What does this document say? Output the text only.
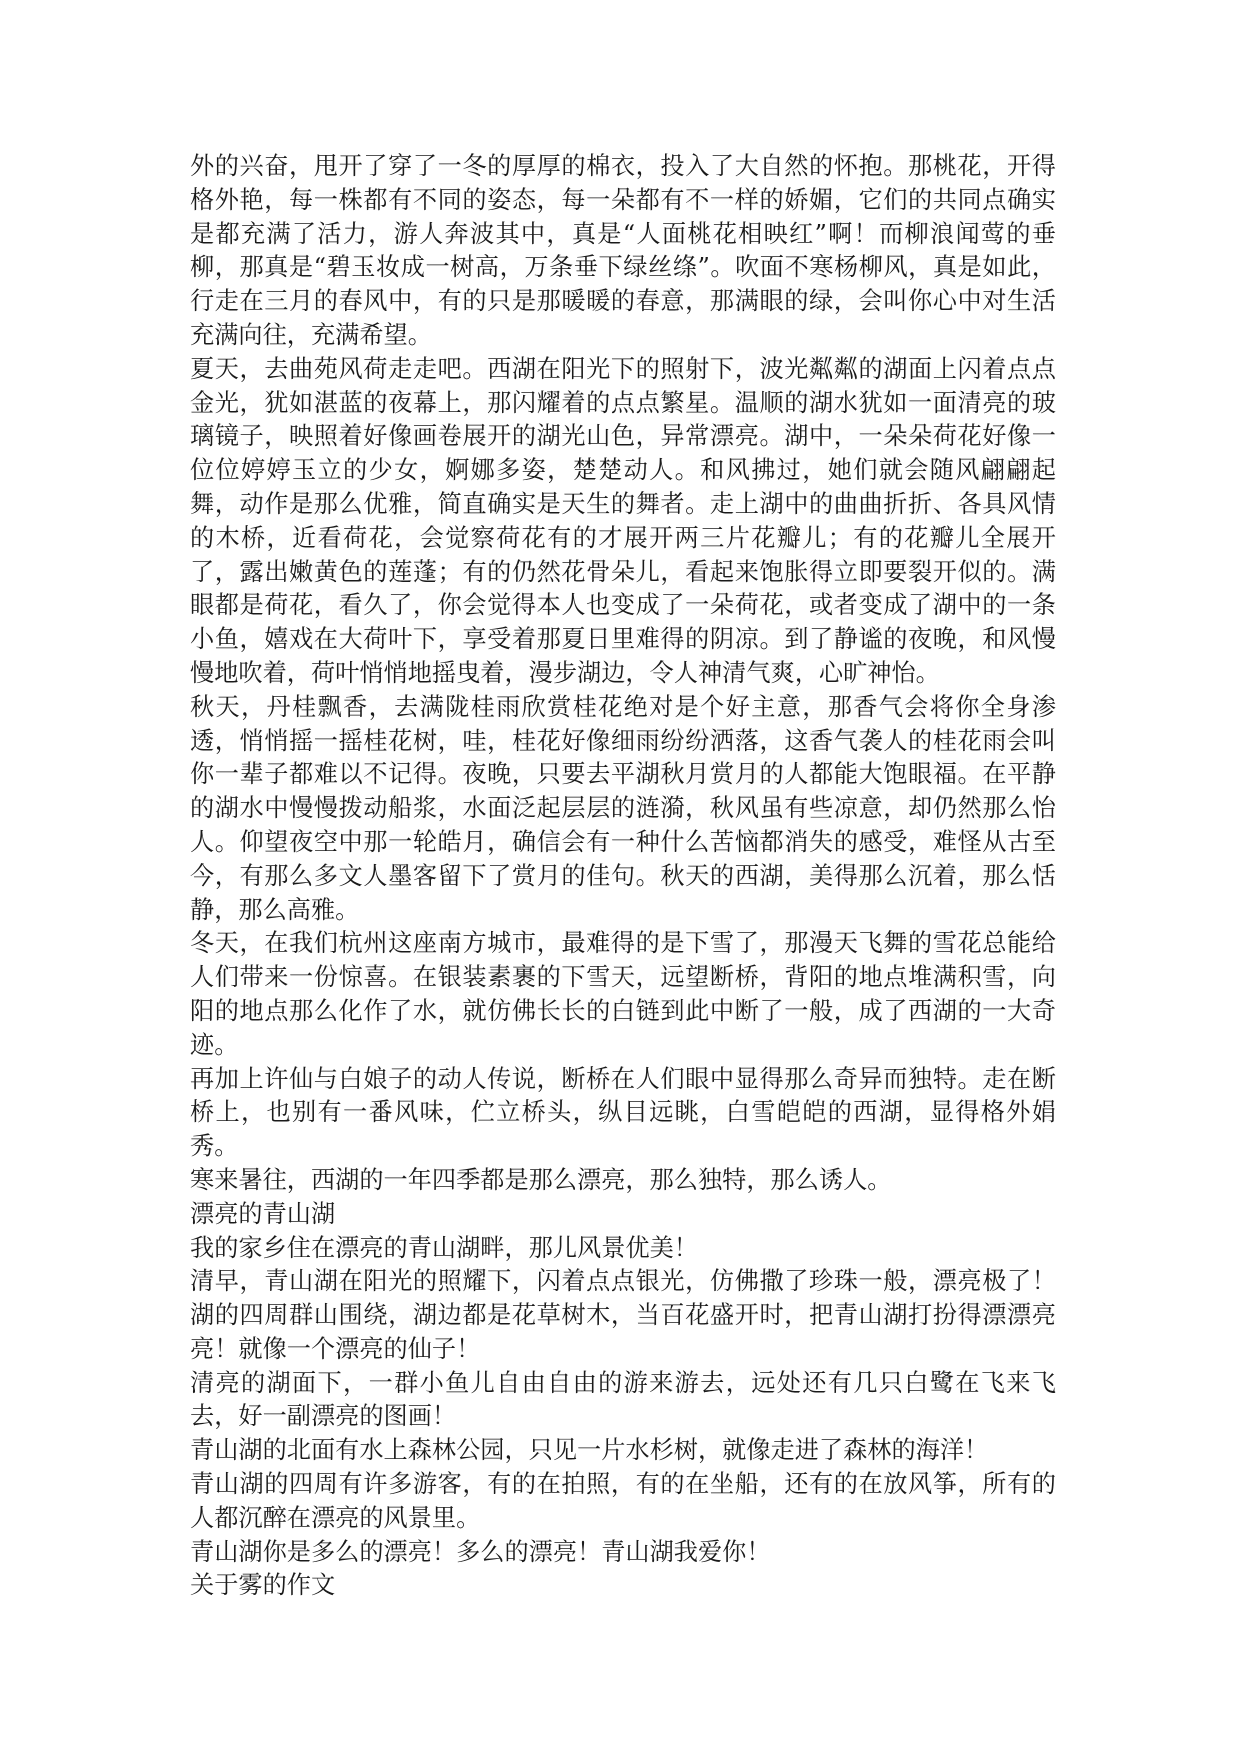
外的兴奋，甩开了穿了一冬的厚厚的棉衣，投入了大自然的怀抱。那桃花，开得格外艳，每一株都有不同的姿态，每一朵都有不一样的娇媚，它们的共同点确实是都充满了活力，游人奔波其中，真是“人面桃花相映红”啊！而柳浪闻莺的垂柳，那真是“碧玉妆成一树高，万条垂下绿丝绦”。吹面不寒杨柳风，真是如此，行走在三月的春风中，有的只是那暖暖的春意，那满眼的绿，会叫你心中对生活充满向往，充满希望。

夏天，去曲苑风荷走走吧。西湖在阳光下的照射下，波光粼粼的湖面上闪着点点金光，犹如湛蓝的夜幕上，那闪耀着的点点繁星。温顺的湖水犹如一面清亮的玻璃镜子，映照着好像画卷展开的湖光山色，异常漂亮。湖中，一朵朵荷花好像一位位婷婷玉立的少女，婀娜多姿，楚楚动人。和风拂过，她们就会随风翩翩起舞，动作是那么优雅，简直确实是天生的舞者。走上湖中的曲曲折折、各具风情的木桥，近看荷花，会觉察荷花有的才展开两三片花瓣儿；有的花瓣儿全展开了，露出嫩黄色的莲蓬；有的仍然花骨朵儿，看起来饱胀得立即要裂开似的。满眼都是荷花，看久了，你会觉得本人也变成了一朵荷花，或者变成了湖中的一条小鱼，嬉戏在大荷叶下，享受着那夏日里难得的阴凉。到了静谧的夜晚，和风慢慢地吹着，荷叶悄悄地摇曳着，漫步湖边，令人神清气爽，心旷神怡。

秋天，丹桂飘香，去满陇桂雨欣赏桂花绝对是个好主意，那香气会将你全身渗透，悄悄摇一摇桂花树，哇，桂花好像细雨纷纷洒落，这香气袭人的桂花雨会叫你一辈子都难以不记得。夜晚，只要去平湖秋月赏月的人都能大饱眼福。在平静的湖水中慢慢拨动船浆，水面泛起层层的涟漪，秋风虽有些凉意，却仍然那么怡人。仰望夜空中那一轮皓月，确信会有一种什么苦恼都消失的感受，难怪从古至今，有那么多文人墨客留下了赏月的佳句。秋天的西湖，美得那么沉着，那么恬静，那么高雅。

冬天，在我们杭州这座南方城市，最难得的是下雪了，那漫天飞舞的雪花总能给人们带来一份惊喜。在银装素裹的下雪天，远望断桥，背阳的地点堆满积雪，向阳的地点那么化作了水，就仿佛长长的白链到此中断了一般，成了西湖的一大奇迹。

再加上许仙与白娘子的动人传说，断桥在人们眼中显得那么奇异而独特。走在断桥上，也别有一番风味，伫立桥头，纵目远眺，白雪皑皑的西湖，显得格外娟秀。

寒来暑往，西湖的一年四季都是那么漂亮，那么独特，那么诱人。

漂亮的青山湖

我的家乡住在漂亮的青山湖畔，那儿风景优美！

清早，青山湖在阳光的照耀下，闪着点点银光，仿佛撒了珍珠一般，漂亮极了！湖的四周群山围绕，湖边都是花草树木，当百花盛开时，把青山湖打扮得漂漂亮亮！就像一个漂亮的仙子！

清亮的湖面下，一群小鱼儿自由自由的游来游去，远处还有几只白鹭在飞来飞去，好一副漂亮的图画！

青山湖的北面有水上森林公园，只见一片水杉树，就像走进了森林的海洋！

青山湖的四周有许多游客，有的在拍照，有的在坐船，还有的在放风筝，所有的人都沉醉在漂亮的风景里。

青山湖你是多么的漂亮！多么的漂亮！青山湖我爱你！

关于雾的作文
